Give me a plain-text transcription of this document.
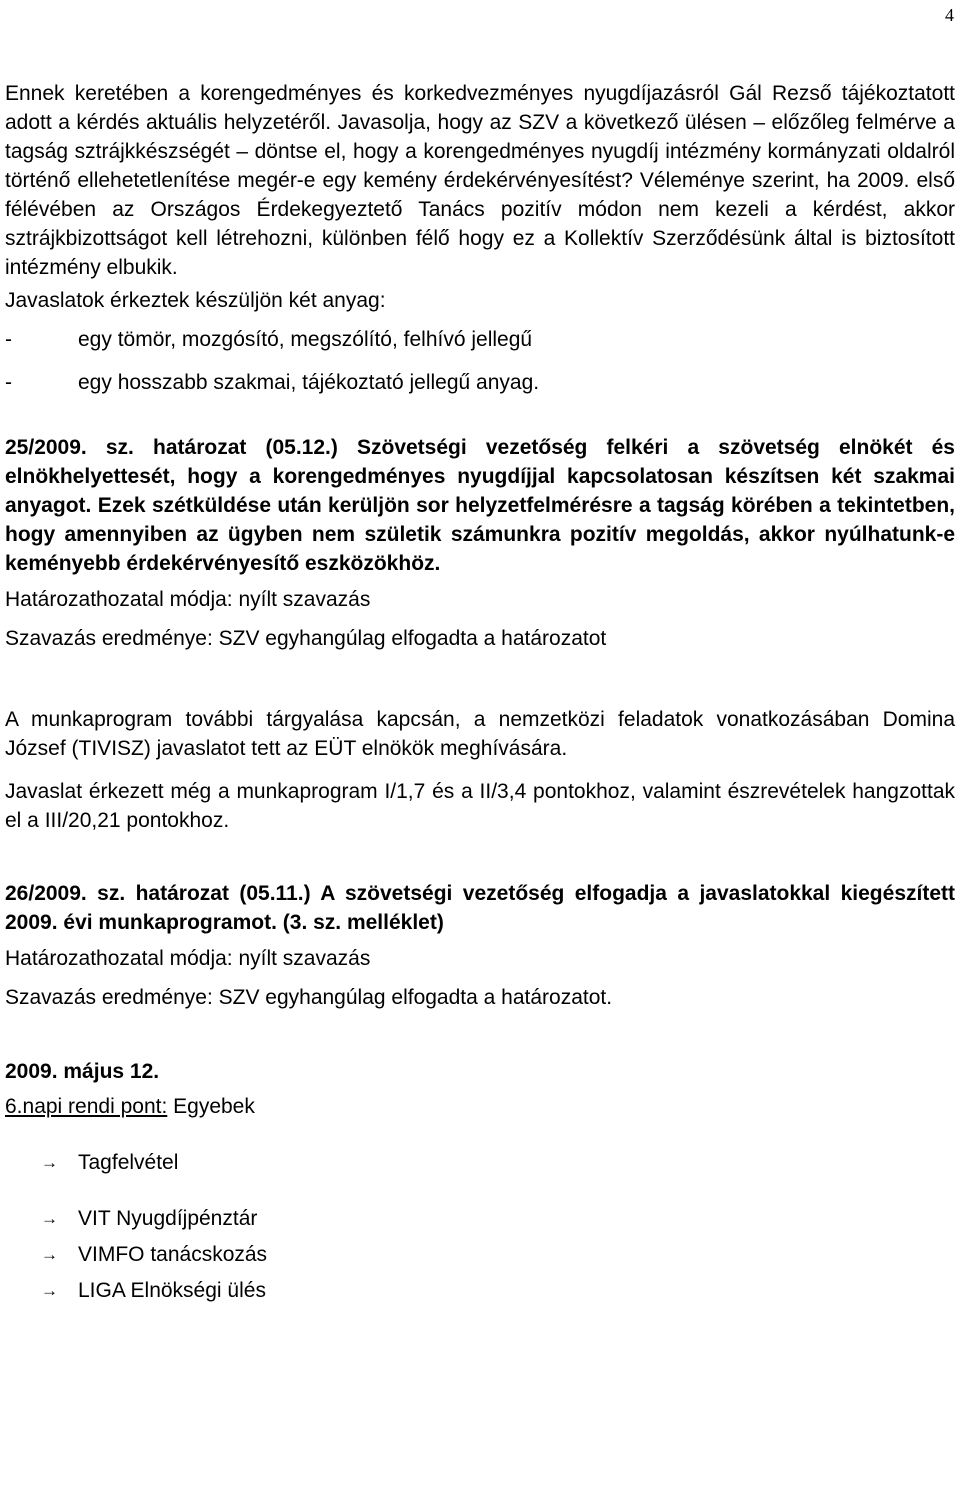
4

Ennek keretében a korengedményes és korkedvezményes nyugdíjazásról Gál Rezső tájékoztatott adott a kérdés aktuális helyzetéről. Javasolja, hogy az SZV a következő ülésen – előzőleg felmérve a tagság sztrájkkészségét – döntse el, hogy a korengedményes nyugdíj intézmény kormányzati oldalról történő ellehetetlenítése megér-e egy kemény érdekérvényesítést? Véleménye szerint, ha 2009. első félévében az Országos Érdekegyeztető Tanács pozitív módon nem kezeli a kérdést, akkor sztrájkbizottságot kell létrehozni, különben félő hogy ez a Kollektív Szerződésünk által is biztosított intézmény elbukik.

Javaslatok érkeztek készüljön két anyag:

-	egy tömör, mozgósító, megszólító, felhívó jellegű
-	egy hosszabb szakmai, tájékoztató jellegű anyag.

25/2009. sz. határozat (05.12.) Szövetségi vezetőség felkéri a szövetség elnökét és elnökhelyettesét, hogy a korengedményes nyugdíjjal kapcsolatosan készítsen két szakmai anyagot. Ezek szétküldése után kerüljön sor helyzetfelmérésre a tagság körében a tekintetben, hogy amennyiben az ügyben nem születik számunkra pozitív megoldás, akkor nyúlhatunk-e keményebb érdekérvényesítő eszközökhöz.

Határozathozatal módja: nyílt szavazás

Szavazás eredménye: SZV egyhangúlag elfogadta a határozatot

A munkaprogram további tárgyalása kapcsán, a nemzetközi feladatok vonatkozásában Domina József (TIVISZ) javaslatot tett az EÜT elnökök meghívására.

Javaslat érkezett még a munkaprogram I/1,7 és a II/3,4 pontokhoz, valamint észrevételek hangzottak el a III/20,21 pontokhoz.

26/2009. sz. határozat (05.11.) A szövetségi vezetőség elfogadja a javaslatokkal kiegészített 2009. évi munkaprogramot. (3. sz. melléklet)

Határozathozatal módja: nyílt szavazás

Szavazás eredménye: SZV egyhangúlag elfogadta a határozatot.

2009. május 12.

6.napi rendi pont: Egyebek

→ Tagfelvétel
→ VIT Nyugdíjpénztár
→ VIMFO tanácskozás
→ LIGA Elnökségi ülés
